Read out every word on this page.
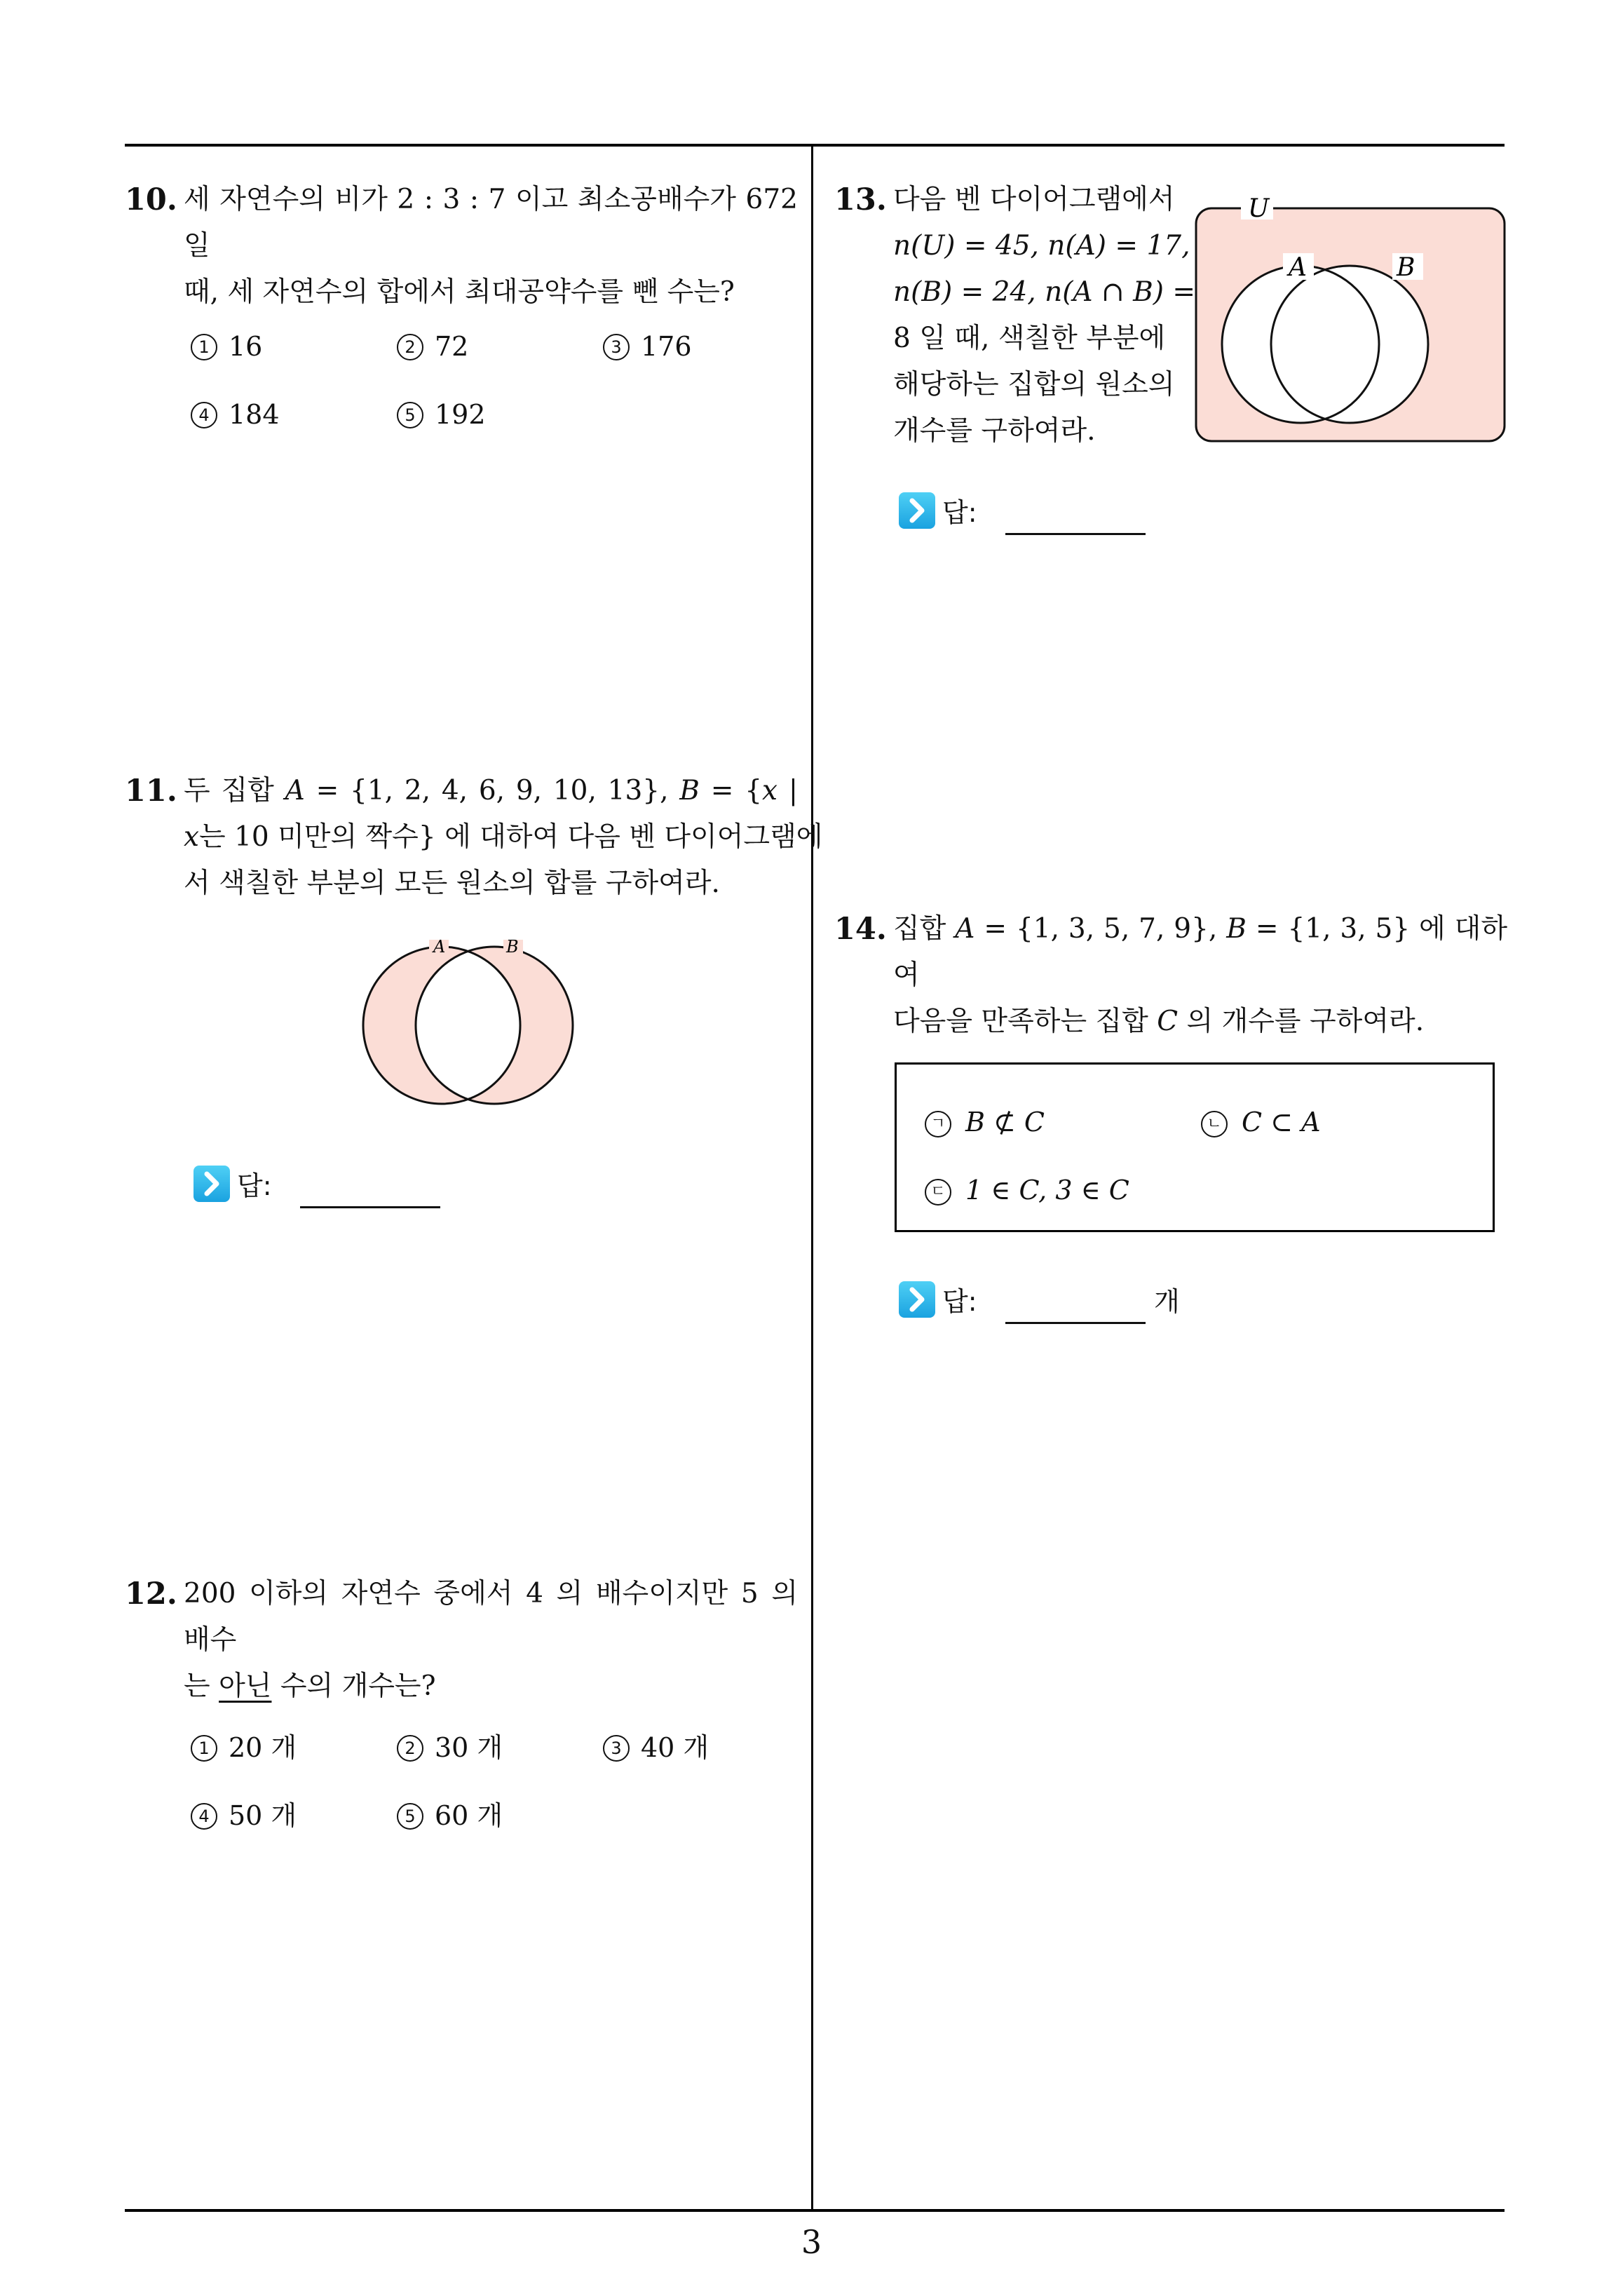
10. 세 자연수의 비가 2 : 3 : 7 이고 최소공배수가 672 일
때, 세 자연수의 합에서 최대공약수를 뺀 수는?
1 16	2 72	3 176
4 184	5 192
11. 두 집합 A = {1, 2, 4, 6, 9, 10, 13}, B = {x |
x는 10 미만의 짝수} 에 대하여 다음 벤 다이어그램에
서 색칠한 부분의 모든 원소의 합를 구하여라.
A	B
답:
12. 200 이하의 자연수 중에서 4 의 배수이지만 5 의 배수
는 아닌 수의 개수는?
1 20 개	2 30 개	3 40 개
4 50 개	5 60 개
13. 다음 벤 다이어그램에서
n(U) = 45, n(A) = 17,
n(B) = 24, n(A ∩ B) =
8 일 때, 색칠한 부분에
해당하는 집합의 원소의
개수를 구하여라.
U
A	B
답:
14. 집합 A = {1, 3, 5, 7, 9}, B = {1, 3, 5} 에 대하여
다음을 만족하는 집합 C 의 개수를 구하여라.
ㄱ B ⊄ C	ㄴ C ⊂ A
ㄷ 1 ∈ C, 3 ∈ C
답:	개
3
